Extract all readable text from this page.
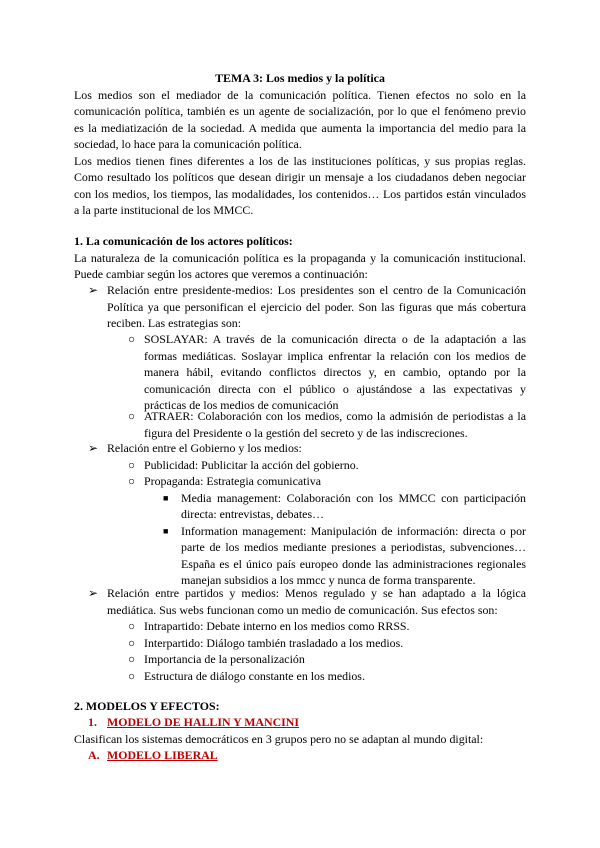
TEMA 3: Los medios y la política

Los medios son el mediador de la comunicación política. Tienen efectos no solo en la

comunicación política, también es un agente de socialización, por lo que el fenómeno previo

es la mediatización de la sociedad. A medida que aumenta la importancia del medio para la

sociedad, lo hace para la comunicación política.

Los medios tienen fines diferentes a los de las instituciones políticas, y sus propias reglas.

Como resultado los políticos que desean dirigir un mensaje a los ciudadanos deben negociar

con los medios, los tiempos, las modalidades, los contenidos… Los partidos están vinculados

a la parte institucional de los MMCC.

1. La comunicación de los actores políticos:

La naturaleza de la comunicación política es la propaganda y la comunicación institucional.

Puede cambiar según los actores que veremos a continuación:

➢ Relación entre presidente-medios: Los presidentes son el centro de la Comunicación

Política ya que personifican el ejercicio del poder. Son las figuras que más cobertura

reciben. Las estrategias son:

○ SOSLAYAR: A través de la comunicación directa o de la adaptación a las

formas mediáticas. Soslayar implica enfrentar la relación con los medios de

manera hábil, evitando conflictos directos y, en cambio, optando por la

comunicación directa con el público o ajustándose a las expectativas y

prácticas de los medios de comunicación

○ ATRAER: Colaboración con los medios, como la admisión de periodistas a la

figura del Presidente o la gestión del secreto y de las indiscreciones.

➢ Relación entre el Gobierno y los medios:

○ Publicidad: Publicitar la acción del gobierno.

○ Propaganda: Estrategia comunicativa

■ Media management: Colaboración con los MMCC con participación

directa: entrevistas, debates…

■ Information management: Manipulación de información: directa o por

parte de los medios mediante presiones a periodistas, subvenciones…

España es el único país europeo donde las administraciones regionales

manejan subsidios a los mmcc y nunca de forma transparente.

➢ Relación entre partidos y medios: Menos regulado y se han adaptado a la lógica

mediática. Sus webs funcionan como un medio de comunicación. Sus efectos son:

○ Intrapartido: Debate interno en los medios como RRSS.

○ Interpartido: Diálogo también trasladado a los medios.

○ Importancia de la personalización

○ Estructura de diálogo constante en los medios.

2. MODELOS Y EFECTOS:

1. MODELO DE HALLIN Y MANCINI

Clasifican los sistemas democráticos en 3 grupos pero no se adaptan al mundo digital:

A. MODELO LIBERAL
